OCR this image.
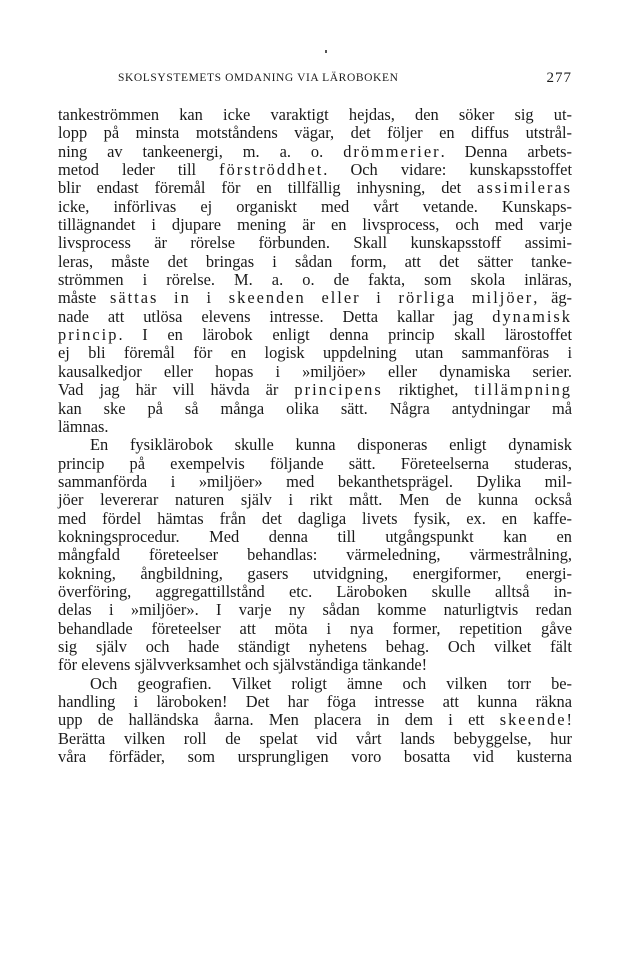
SKOLSYSTEMETS OMDANING VIA LÄROBOKEN	277
tankeströmmen kan icke varaktigt hejdas, den söker sig ut-
lopp på minsta motståndens vägar, det följer en diffus utstrål-
ning av tankeenergi, m. a. o. drömmerier. Denna arbets-
metod leder till förströddhet. Och vidare: kunskapsstoffet
blir endast föremål för en tillfällig inhysning, det assimileras
icke, införlivas ej organiskt med vårt vetande. Kunskaps-
tillägnandet i djupare mening är en livsprocess, och med varje
livsprocess är rörelse förbunden. Skall kunskapsstoff assimi-
leras, måste det bringas i sådan form, att det sätter tanke-
strömmen i rörelse. M. a. o. de fakta, som skola inläras,
måste sättas in i skeenden eller i rörliga miljöer, äg-
nade att utlösa elevens intresse. Detta kallar jag dynamisk
princip. I en lärobok enligt denna princip skall lärostoffet
ej bli föremål för en logisk uppdelning utan sammanföras i
kausalkedjor eller hopas i »miljöer» eller dynamiska serier.
Vad jag här vill hävda är principens riktighet, tillämpning
kan ske på så många olika sätt. Några antydningar må
lämnas.
En fysiklärobok skulle kunna disponeras enligt dynamisk
princip på exempelvis följande sätt. Företeelserna studeras,
sammanförda i »miljöer» med bekanthetsprägel. Dylika mil-
jöer levererar naturen själv i rikt mått. Men de kunna också
med fördel hämtas från det dagliga livets fysik, ex. en kaffe-
kokningsprocedur. Med denna till utgångspunkt kan en
mångfald företeelser behandlas: värmeledning, värmestrålning,
kokning, ångbildning, gasers utvidgning, energiformer, energi-
överföring, aggregattillstånd etc. Läroboken skulle alltså in-
delas i »miljöer». I varje ny sådan komme naturligtvis redan
behandlade företeelser att möta i nya former, repetition gåve
sig själv och hade ständigt nyhetens behag. Och vilket fält
för elevens självverksamhet och självständiga tänkande!
Och geografien. Vilket roligt ämne och vilken torr be-
handling i läroboken! Det har föga intresse att kunna räkna
upp de halländska åarna. Men placera in dem i ett skeende!
Berätta vilken roll de spelat vid vårt lands bebyggelse, hur
våra förfäder, som ursprungligen voro bosatta vid kusterna
